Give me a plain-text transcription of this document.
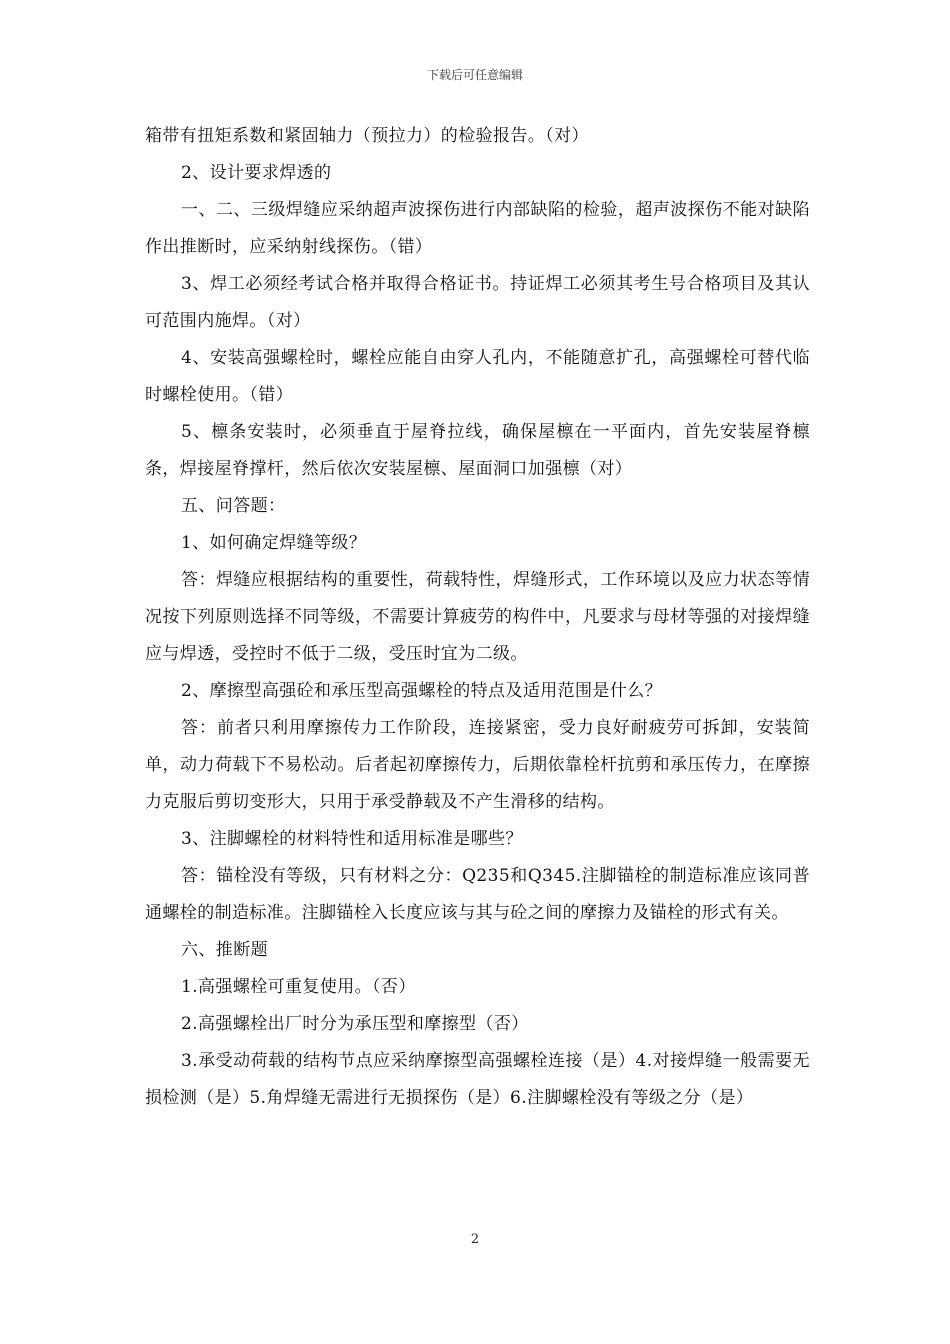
下载后可任意编辑

箱带有扭矩系数和紧固轴力（预拉力）的检验报告。（对）

2、设计要求焊透的

一、二、三级焊缝应采纳超声波探伤进行内部缺陷的检验，超声波探伤不能对缺陷作出推断时，应采纳射线探伤。（错）

3、焊工必须经考试合格并取得合格证书。持证焊工必须其考生号合格项目及其认可范围内施焊。（对）

4、安装高强螺栓时，螺栓应能自由穿人孔内，不能随意扩孔，高强螺栓可替代临时螺栓使用。（错）

5、檩条安装时，必须垂直于屋脊拉线，确保屋檩在一平面内，首先安装屋脊檩条，焊接屋脊撑杆，然后依次安装屋檩、屋面洞口加强檩（对）

五、问答题：

1、如何确定焊缝等级？

答：焊缝应根据结构的重要性，荷载特性，焊缝形式，工作环境以及应力状态等情况按下列原则选择不同等级，不需要计算疲劳的构件中，凡要求与母材等强的对接焊缝应与焊透，受控时不低于二级，受压时宜为二级。

2、摩擦型高强砼和承压型高强螺栓的特点及适用范围是什么？

答：前者只利用摩擦传力工作阶段，连接紧密，受力良好耐疲劳可拆卸，安装简单，动力荷载下不易松动。后者起初摩擦传力，后期依靠栓杆抗剪和承压传力，在摩擦力克服后剪切变形大，只用于承受静载及不产生滑移的结构。

3、注脚螺栓的材料特性和适用标准是哪些？

答：锚栓没有等级，只有材料之分：Q235和Q345.注脚锚栓的制造标准应该同普通螺栓的制造标准。注脚锚栓入长度应该与其与砼之间的摩擦力及锚栓的形式有关。

六、推断题

1.高强螺栓可重复使用。（否）

2.高强螺栓出厂时分为承压型和摩擦型（否）

3.承受动荷载的结构节点应采纳摩擦型高强螺栓连接（是）4.对接焊缝一般需要无损检测（是）5.角焊缝无需进行无损探伤（是）6.注脚螺栓没有等级之分（是）

2
